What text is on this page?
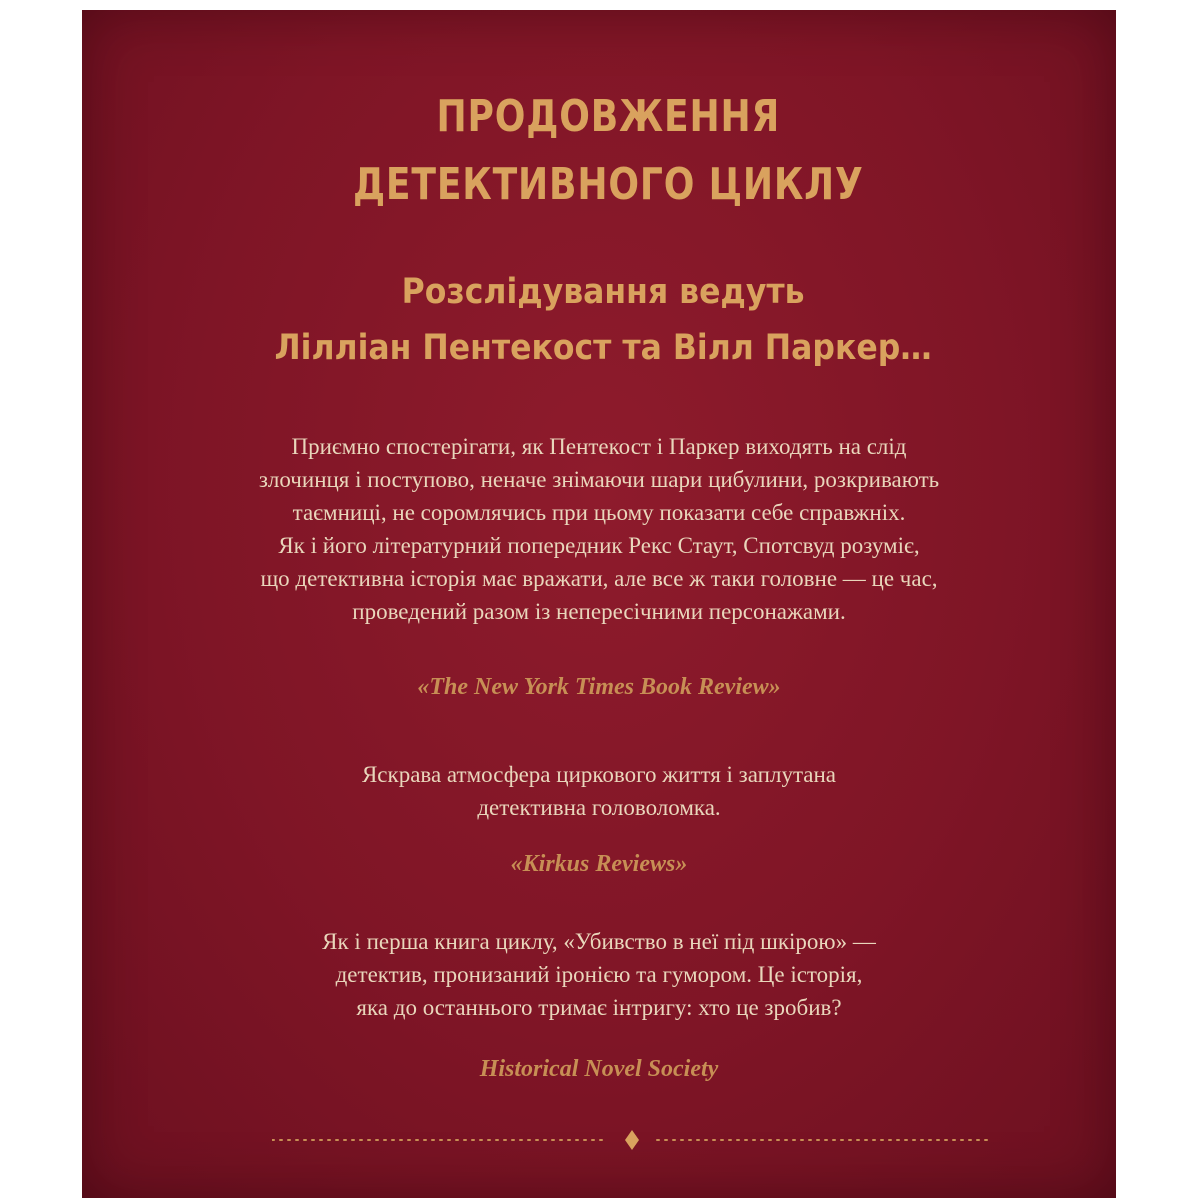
ПРОДОВЖЕННЯ

ДЕТЕКТИВНОГО ЦИКЛУ

Розслідування ведуть

Лілліан Пентекост та Вілл Паркер…

Приємно спостерігати, як Пентекост і Паркер виходять на слід
злочинця і поступово, неначе знімаючи шари цибулини, розкривають
таємниці, не соромлячись при цьому показати себе справжніх.
Як і його літературний попередник Рекс Стаут, Спотсвуд розуміє,
що детективна історія має вражати, але все ж таки головне — це час,
проведений разом із непересічними персонажами.

«The New York Times Book Review»

Яскрава атмосфера циркового життя і заплутана
детективна головоломка.

«Kirkus Reviews»

Як і перша книга циклу, «Убивство в неї під шкірою» —
детектив, пронизаний іронією та гумором. Це історія,
яка до останнього тримає інтригу: хто це зробив?

Historical Novel Society
